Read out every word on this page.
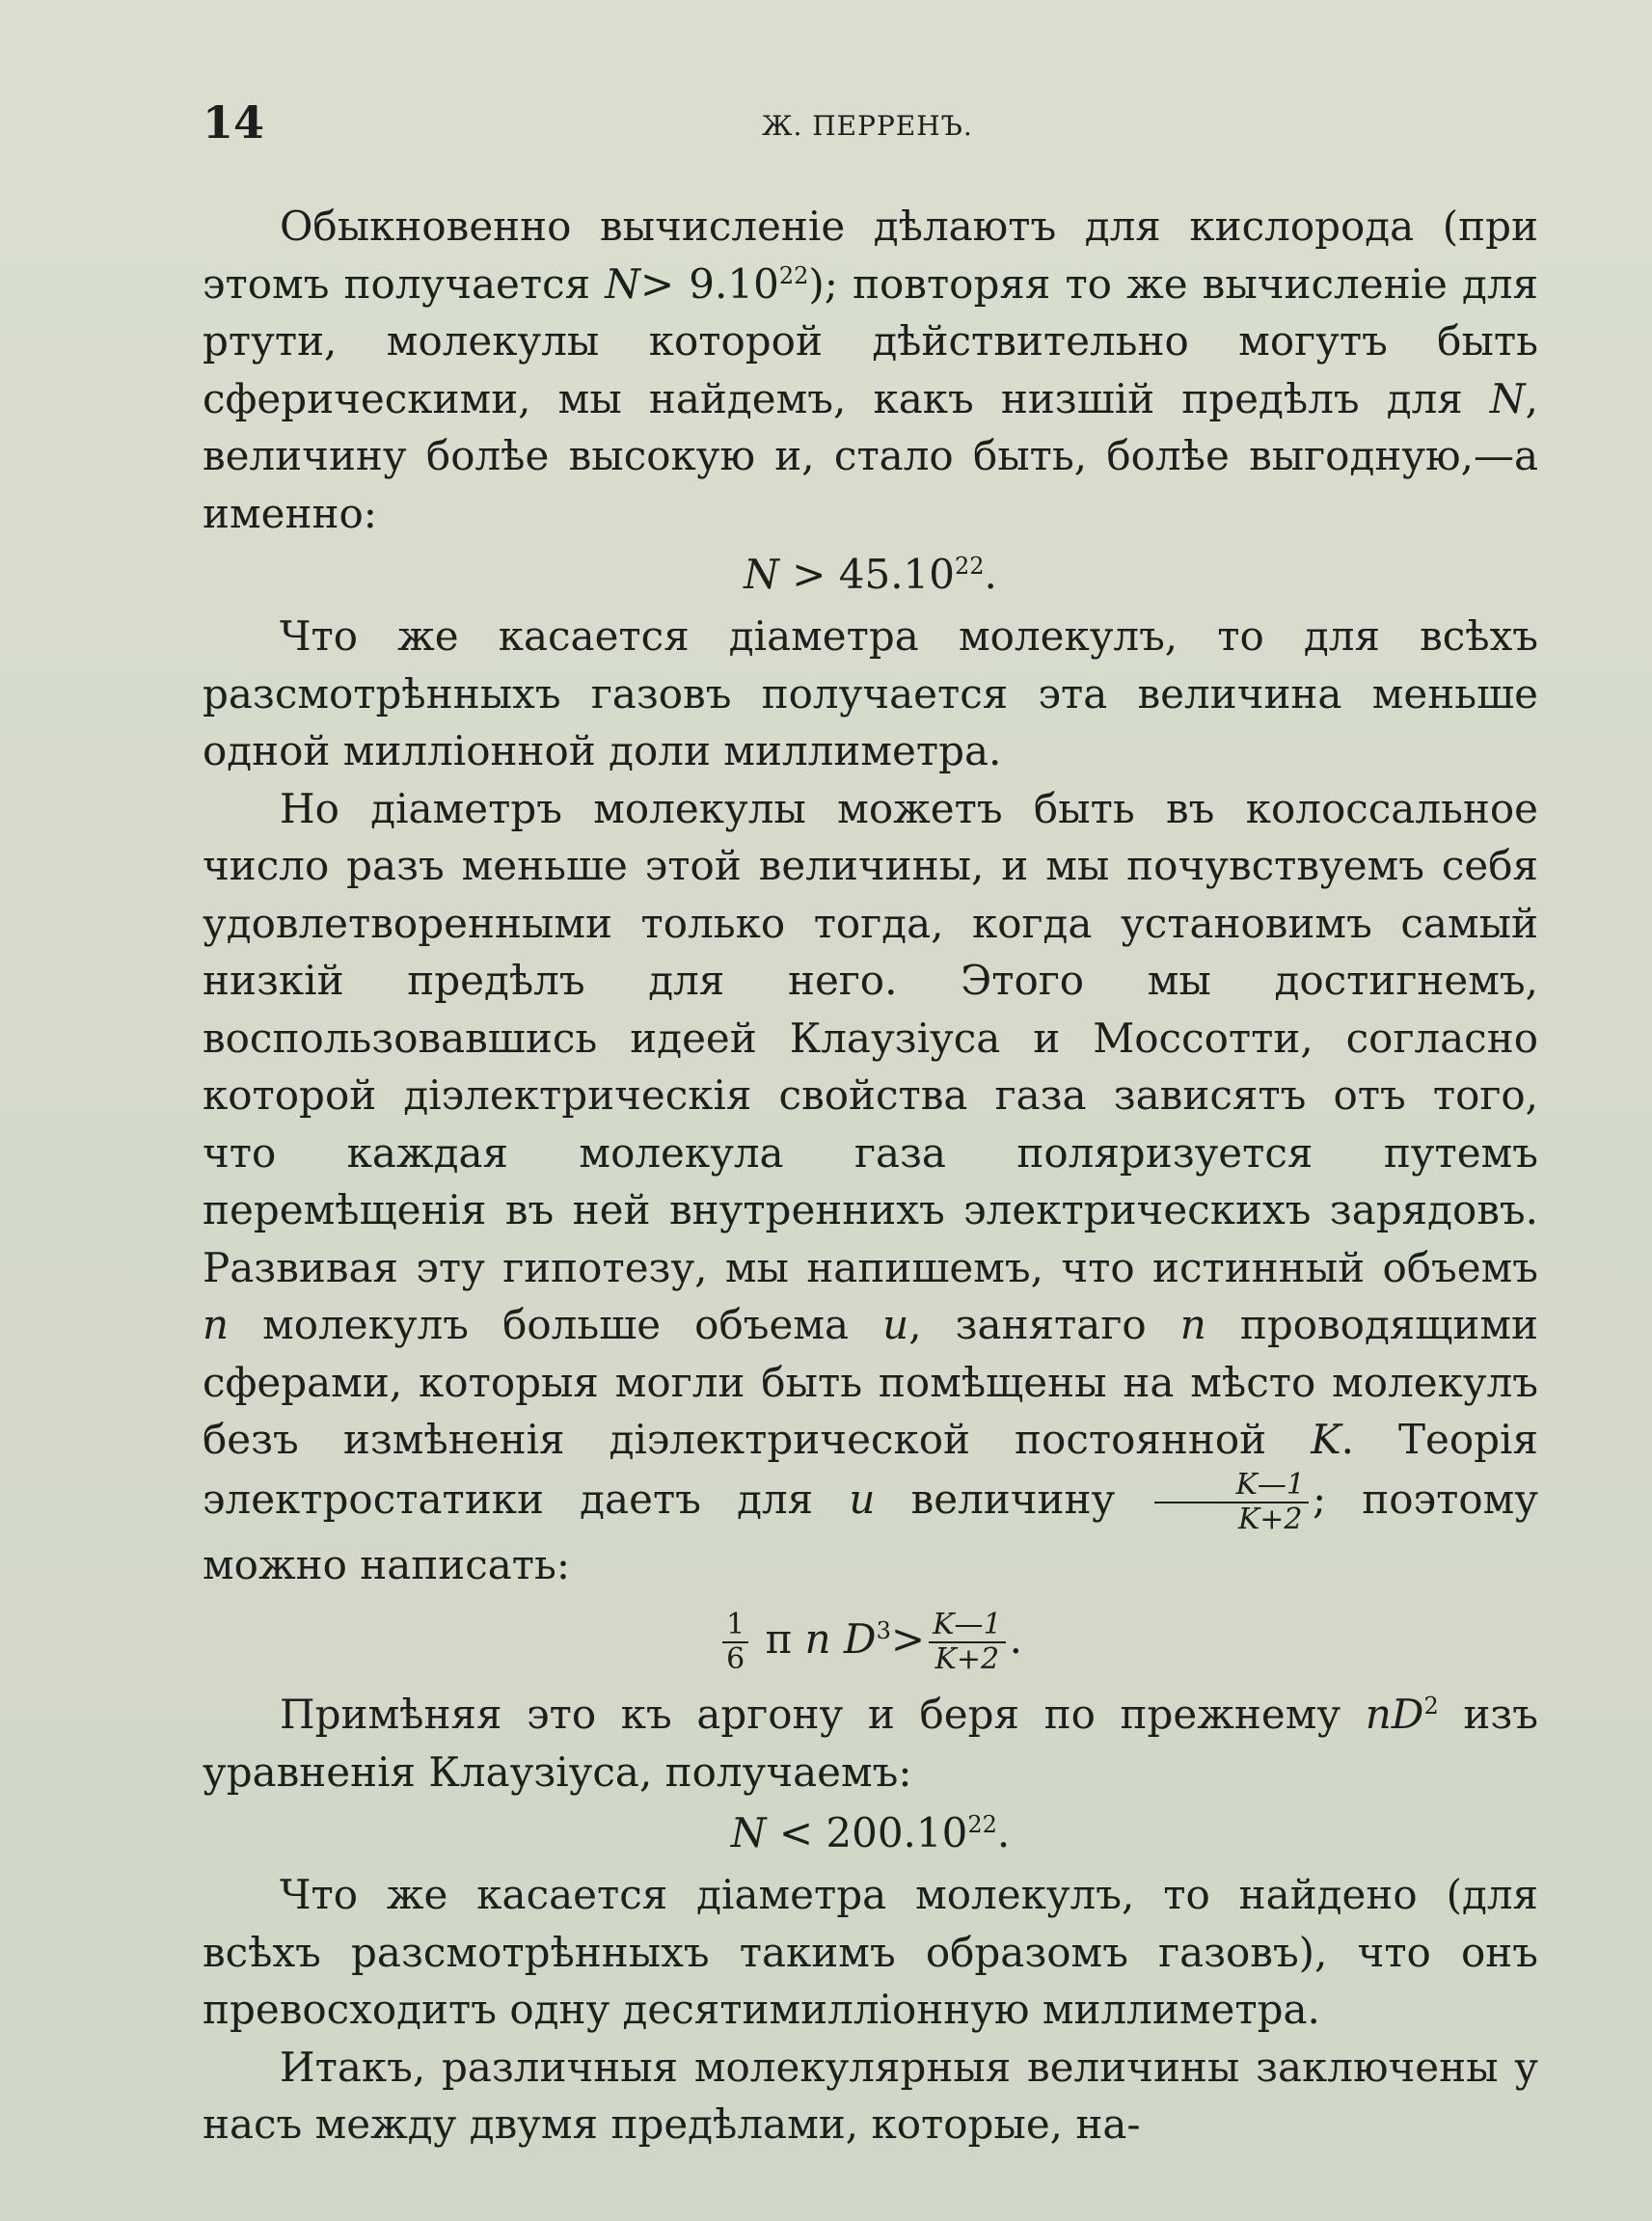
14	Ж. ПЕРРЕНЪ.

Обыкновенно вычисленіе дѣлаютъ для кислорода (при этомъ получается $N> 9.10^{22}$); повторяя то же вычисленіе для ртути, молекулы которой дѣйствительно могутъ быть сферическими, мы найдемъ, какъ низшій предѣлъ для N, величину болѣе высокую и, стало быть, болѣе выгодную,—а именно:

$N > 45.10^{22}$.

Что же касается діаметра молекулъ, то для всѣхъ разсмотрѣнныхъ газовъ получается эта величина меньше одной милліонной доли миллиметра.

Но діаметръ молекулы можетъ быть въ колоссальное число разъ меньше этой величины, и мы почувствуемъ себя удовлетворенными только тогда, когда установимъ самый низкій предѣлъ для него. Этого мы достигнемъ, воспользовавшись идеей Клаузіуса и Моссотти, согласно которой діэлектрическія свойства газа зависятъ отъ того, что каждая молекула газа поляризуется путемъ перемѣщенія въ ней внутреннихъ электрическихъ зарядовъ. Развивая эту гипотезу, мы напишемъ, что истинный объемъ n молекулъ больше объема u, занятаго n проводящими сферами, которыя могли быть помѣщены на мѣсто молекулъ безъ измѣненія діэлектрической постоянной K. Теорія электростатики даетъ для u величину $\frac{K—1}{K+2}$ ; поэтому можно написать:

$\frac{1}{6}$ π n $D^3> \frac{K—1}{K+2}$ .

Примѣняя это къ аргону и беря по прежнему $nD^2$ изъ уравненія Клаузіуса, получаемъ:

$N < 200.10^{22}$.

Что же касается діаметра молекулъ, то найдено (для всѣхъ разсмотрѣнныхъ такимъ образомъ газовъ), что онъ превосходитъ одну десятимилліонную миллиметра.

Итакъ, различныя молекулярныя величины заключены у насъ между двумя предѣлами, которые, на-
